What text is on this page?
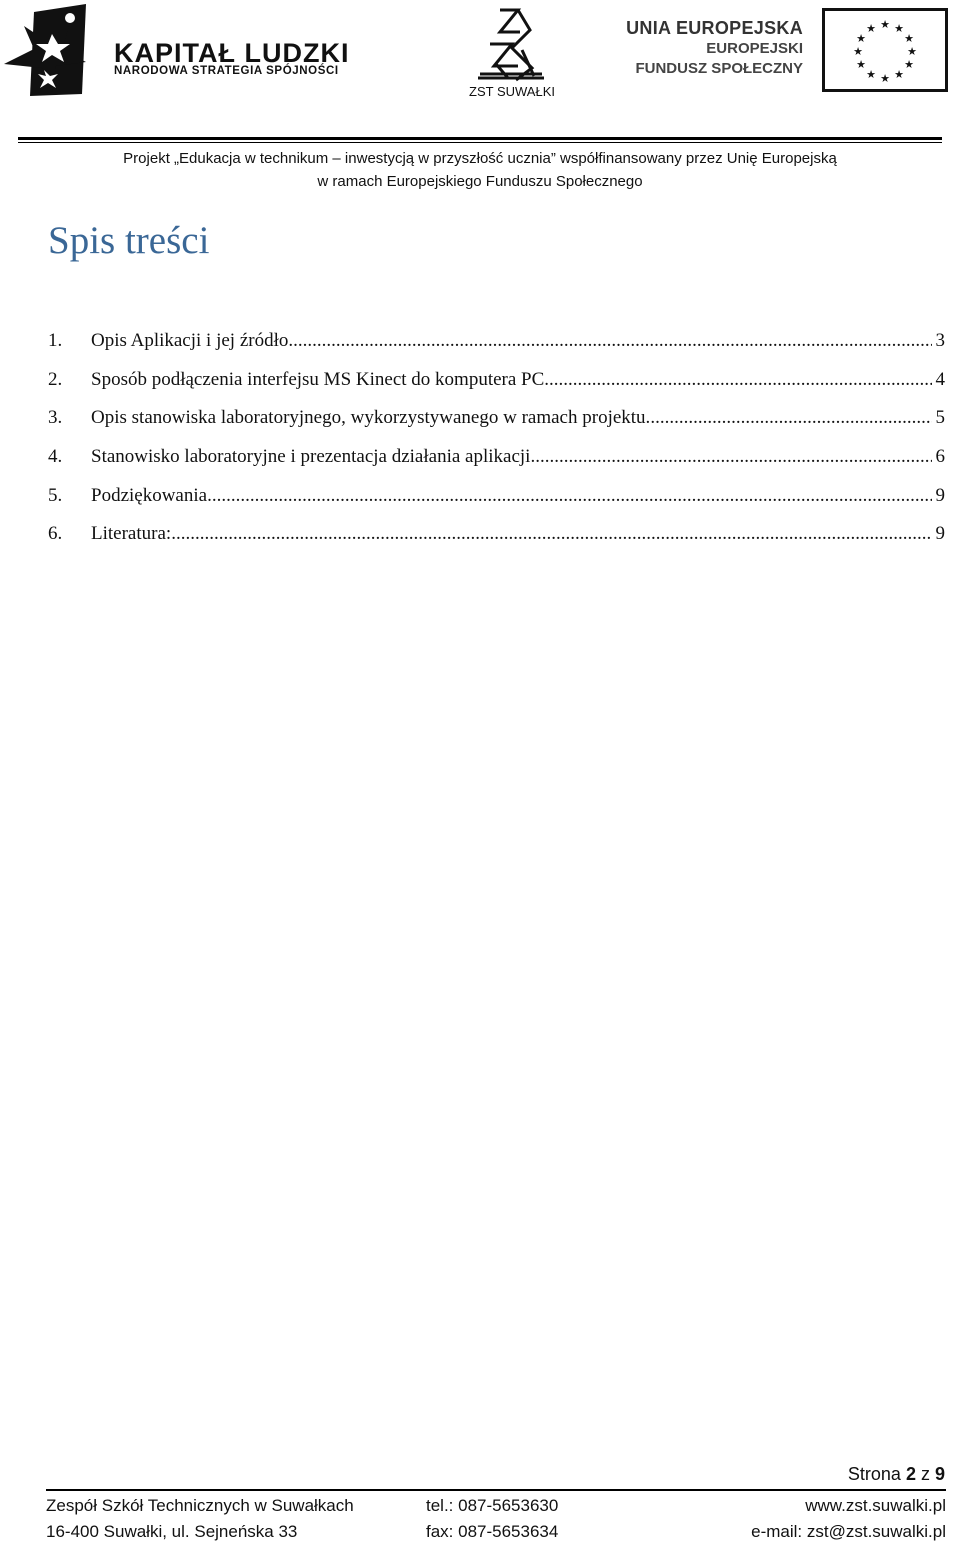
KAPITAŁ LUDZKI
NARODOWA STRATEGIA SPÓJNOŚCI
ZST SUWAŁKI
UNIA EUROPEJSKA
EUROPEJSKI
FUNDUSZ SPOŁECZNY
★ ★
★
★
★
★
★
★
★
★
★
★
Projekt „Edukacja w technikum – inwestycją w przyszłość ucznia” współfinansowany przez Unię Europejską
w ramach Europejskiego Funduszu Społecznego
Spis treści
1.	Opis Aplikacji i jej źródło. .....	3
2.	Sposób podłączenia interfejsu MS Kinect do komputera PC. .....	4
3.	Opis stanowiska laboratoryjnego, wykorzystywanego w ramach projektu. .....	5
4.	Stanowisko laboratoryjne i prezentacja działania aplikacji. .....	6
5.	Podziękowania .....	9
6.	Literatura: .....	9
Strona 2 z 9
Zespół Szkół Technicznych w Suwałkach	tel.: 087-5653630	www.zst.suwalki.pl
16-400 Suwałki, ul. Sejneńska 33	fax: 087-5653634	e-mail: zst@zst.suwalki.pl
